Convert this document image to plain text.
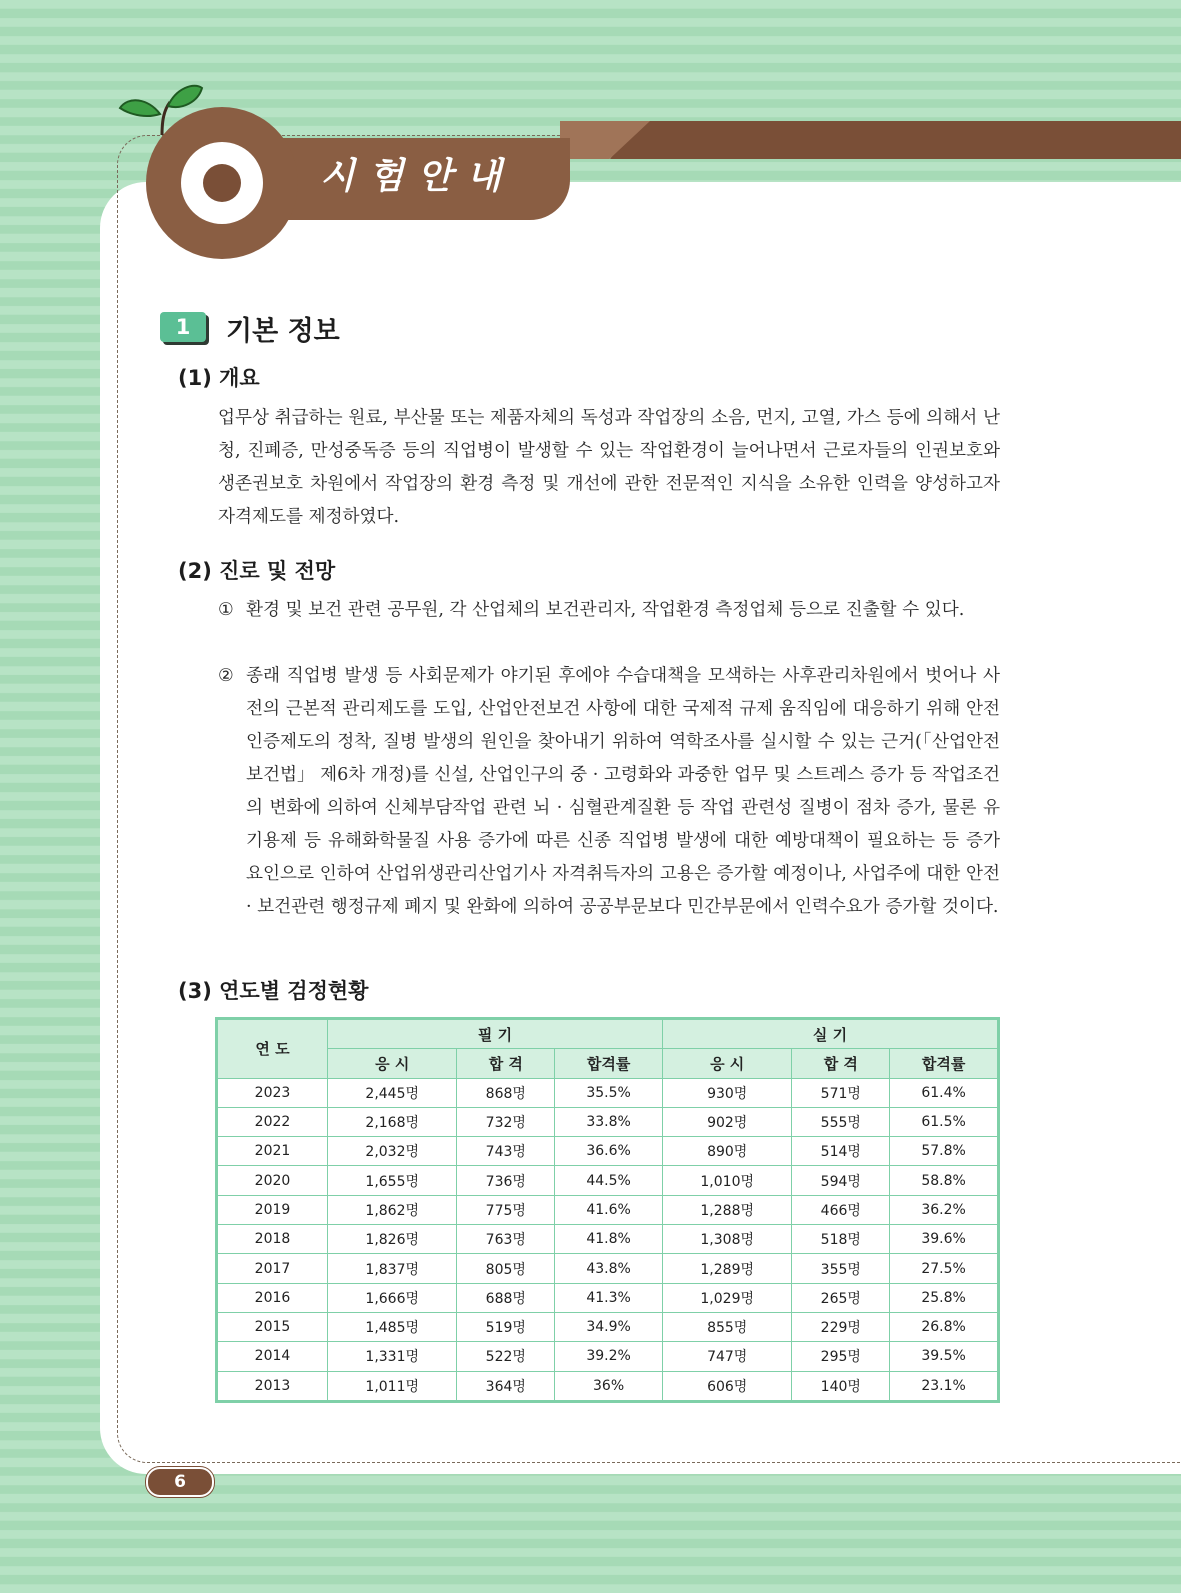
시험안내
1	기본 정보
(1) 개요

업무상 취급하는 원료, 부산물 또는 제품자체의 독성과 작업장의 소음, 먼지, 고열, 가스 등에 의해서 난청, 진폐증, 만성중독증 등의 직업병이 발생할 수 있는 작업환경이 늘어나면서 근로자들의 인권보호와 생존권보호 차원에서 작업장의 환경 측정 및 개선에 관한 전문적인 지식을 소유한 인력을 양성하고자 자격제도를 제정하였다.

(2) 진로 및 전망
① 환경 및 보건 관련 공무원, 각 산업체의 보건관리자, 작업환경 측정업체 등으로 진출할 수 있다.
② 종래 직업병 발생 등 사회문제가 야기된 후에야 수습대책을 모색하는 사후관리차원에서 벗어나 사전의 근본적 관리제도를 도입, 산업안전보건 사항에 대한 국제적 규제 움직임에 대응하기 위해 안전인증제도의 정착, 질병 발생의 원인을 찾아내기 위하여 역학조사를 실시할 수 있는 근거(「산업안전보건법」 제6차 개정)를 신설, 산업인구의 중 · 고령화와 과중한 업무 및 스트레스 증가 등 작업조건의 변화에 의하여 신체부담작업 관련 뇌 · 심혈관계질환 등 작업 관련성 질병이 점차 증가, 물론 유기용제 등 유해화학물질 사용 증가에 따른 신종 직업병 발생에 대한 예방대책이 필요하는 등 증가 요인으로 인하여 산업위생관리산업기사 자격취득자의 고용은 증가할 예정이나, 사업주에 대한 안전 · 보건관련 행정규제 폐지 및 완화에 의하여 공공부문보다 민간부문에서 인력수요가 증가할 것이다.
(3) 연도별 검정현황
연 도	필 기			실 기		
	응 시	합 격	합격률	응 시	합 격	합격률
2023	2,445명	868명	35.5%	930명	571명	61.4%
2022	2,168명	732명	33.8%	902명	555명	61.5%
2021	2,032명	743명	36.6%	890명	514명	57.8%
2020	1,655명	736명	44.5%	1,010명	594명	58.8%
2019	1,862명	775명	41.6%	1,288명	466명	36.2%
2018	1,826명	763명	41.8%	1,308명	518명	39.6%
2017	1,837명	805명	43.8%	1,289명	355명	27.5%
2016	1,666명	688명	41.3%	1,029명	265명	25.8%
2015	1,485명	519명	34.9%	855명	229명	26.8%
2014	1,331명	522명	39.2%	747명	295명	39.5%
2013	1,011명	364명	36%	606명	140명	23.1%
6
